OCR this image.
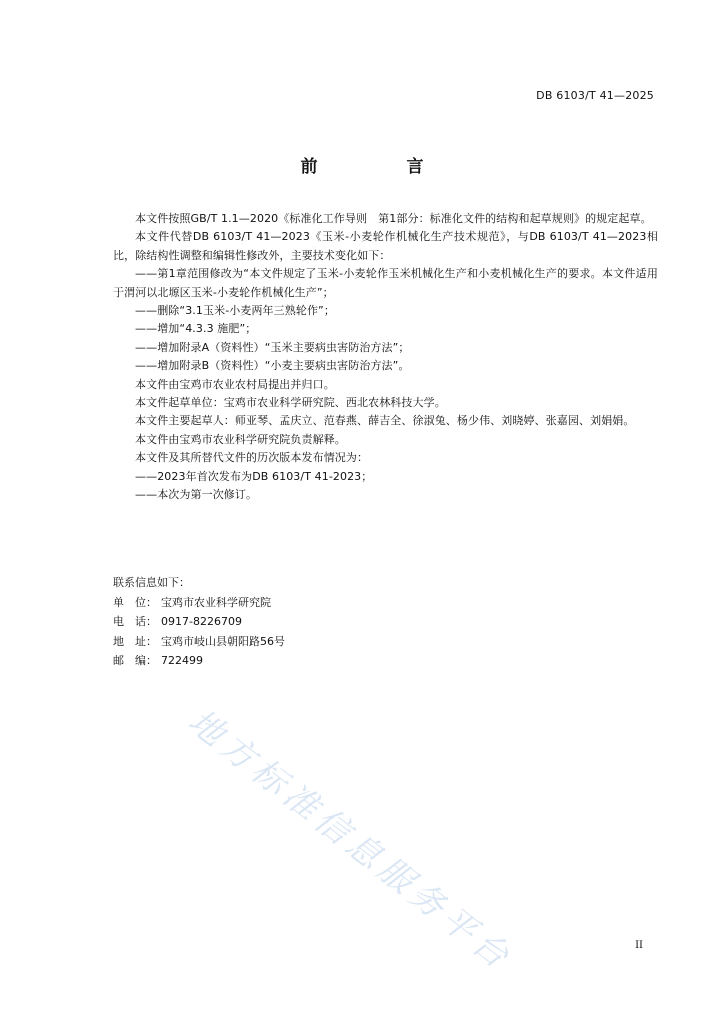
DB 6103/T 41—2025
前　言

本文件按照GB/T 1.1—2020《标准化工作导则　第1部分：标准化文件的结构和起草规则》的规定起草。

本文件代替DB 6103/T 41—2023《玉米-小麦轮作机械化生产技术规范》，与DB 6103/T 41—2023相比，除结构性调整和编辑性修改外，主要技术变化如下：

——第1章范围修改为“本文件规定了玉米-小麦轮作玉米机械化生产和小麦机械化生产的要求。本文件适用于渭河以北塬区玉米-小麦轮作机械化生产”；

——删除“3.1玉米-小麦两年三熟轮作”；

——增加“4.3.3 施肥”；

——增加附录A（资料性）“玉米主要病虫害防治方法”；

——增加附录B（资料性）“小麦主要病虫害防治方法”。

本文件由宝鸡市农业农村局提出并归口。

本文件起草单位：宝鸡市农业科学研究院、西北农林科技大学。

本文件主要起草人：师亚琴、孟庆立、范春燕、薛吉全、徐淑兔、杨少伟、刘晓婷、张嘉园、刘娟娟。

本文件由宝鸡市农业科学研究院负责解释。

本文件及其所替代文件的历次版本发布情况为：

——2023年首次发布为DB 6103/T 41-2023；

——本次为第一次修订。

联系信息如下：

单　位： 宝鸡市农业科学研究院

电　话： 0917-8226709

地　址： 宝鸡市岐山县朝阳路56号

邮　编： 722499

地方标准信息服务平台	II
